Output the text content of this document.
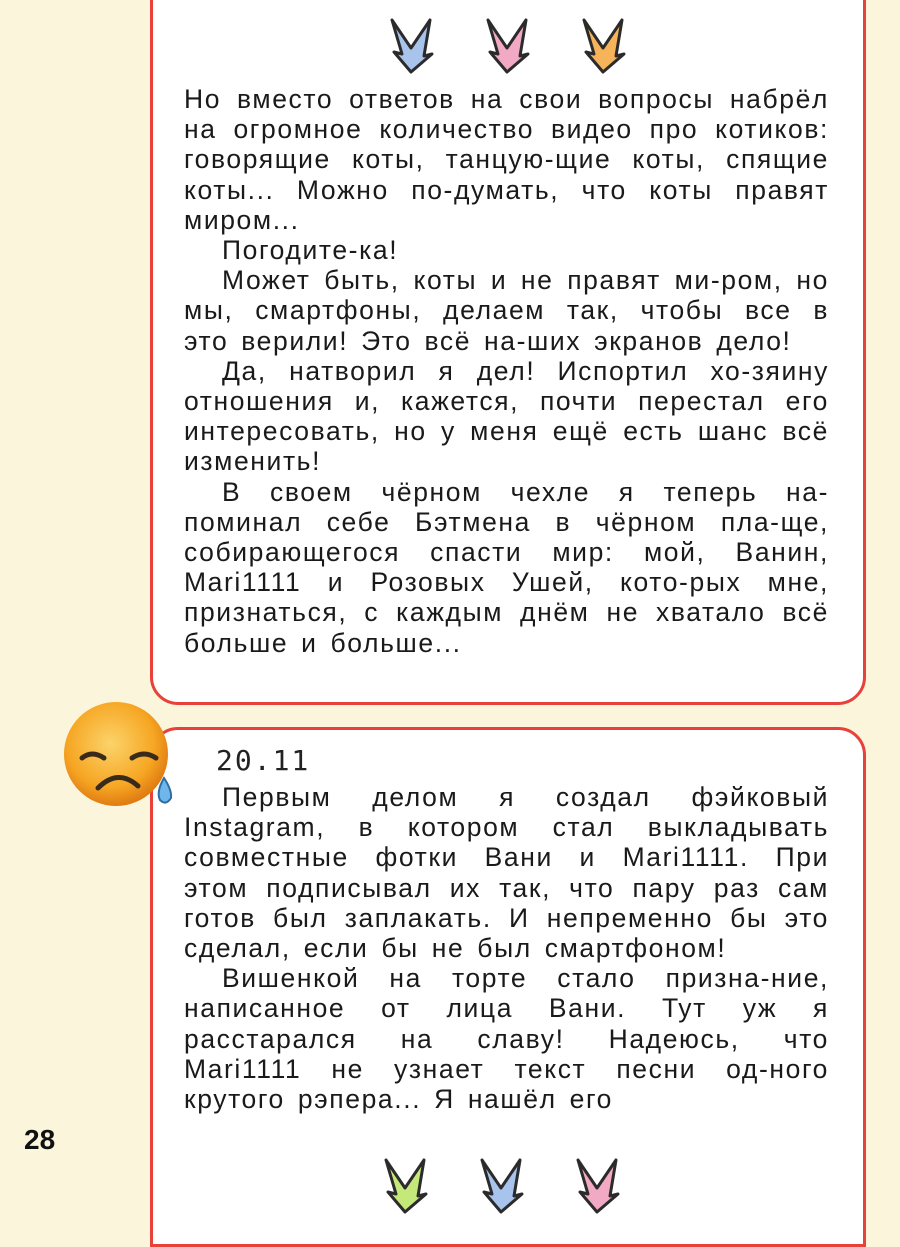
Но вместо ответов на свои вопросы набрёл на огромное количество видео про котиков: говорящие коты, танцую-щие коты, спящие коты... Можно по-думать, что коты правят миром...

Погодите-ка!

Может быть, коты и не правят ми-ром, но мы, смартфоны, делаем так, чтобы все в это верили! Это всё на-ших экранов дело!

Да, натворил я дел! Испортил хо-зяину отношения и, кажется, почти перестал его интересовать, но у меня ещё есть шанс всё изменить!

В своем чёрном чехле я теперь на-поминал себе Бэтмена в чёрном пла-ще, собирающегося спасти мир: мой, Ванин, Mari1111 и Розовых Ушей, кото-рых мне, признаться, с каждым днём не хватало всё больше и больше...

20.11

Первым делом я создал фэйковый Instagram, в котором стал выкладывать совместные фотки Вани и Mari1111. При этом подписывал их так, что пару раз сам готов был заплакать. И непременно бы это сделал, если бы не был смартфоном!

Вишенкой на торте стало призна-ние, написанное от лица Вани. Тут уж я расстарался на славу! Надеюсь, что Mari1111 не узнает текст песни од-ного крутого рэпера... Я нашёл его

28
